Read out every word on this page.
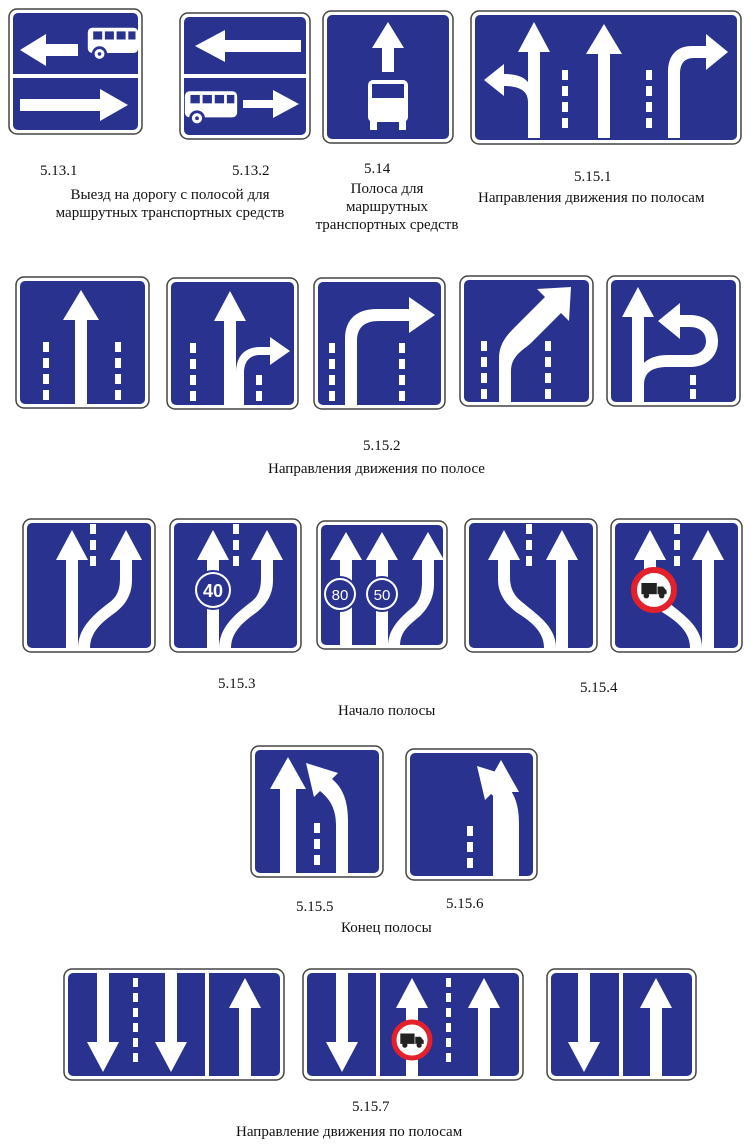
5.13.1	5.13.2
Выезд на дорогу с полосой для маршрутных транспортных средств
5.14
Полоса для маршрутных транспортных средств
5.15.1
Направления движения по полосам
5.15.2
Направления движения по полосе
40	80 50
5.15.3	5.15.4
Начало полосы
5.15.5	5.15.6
Конец полосы
5.15.7
Направление движения по полосам
